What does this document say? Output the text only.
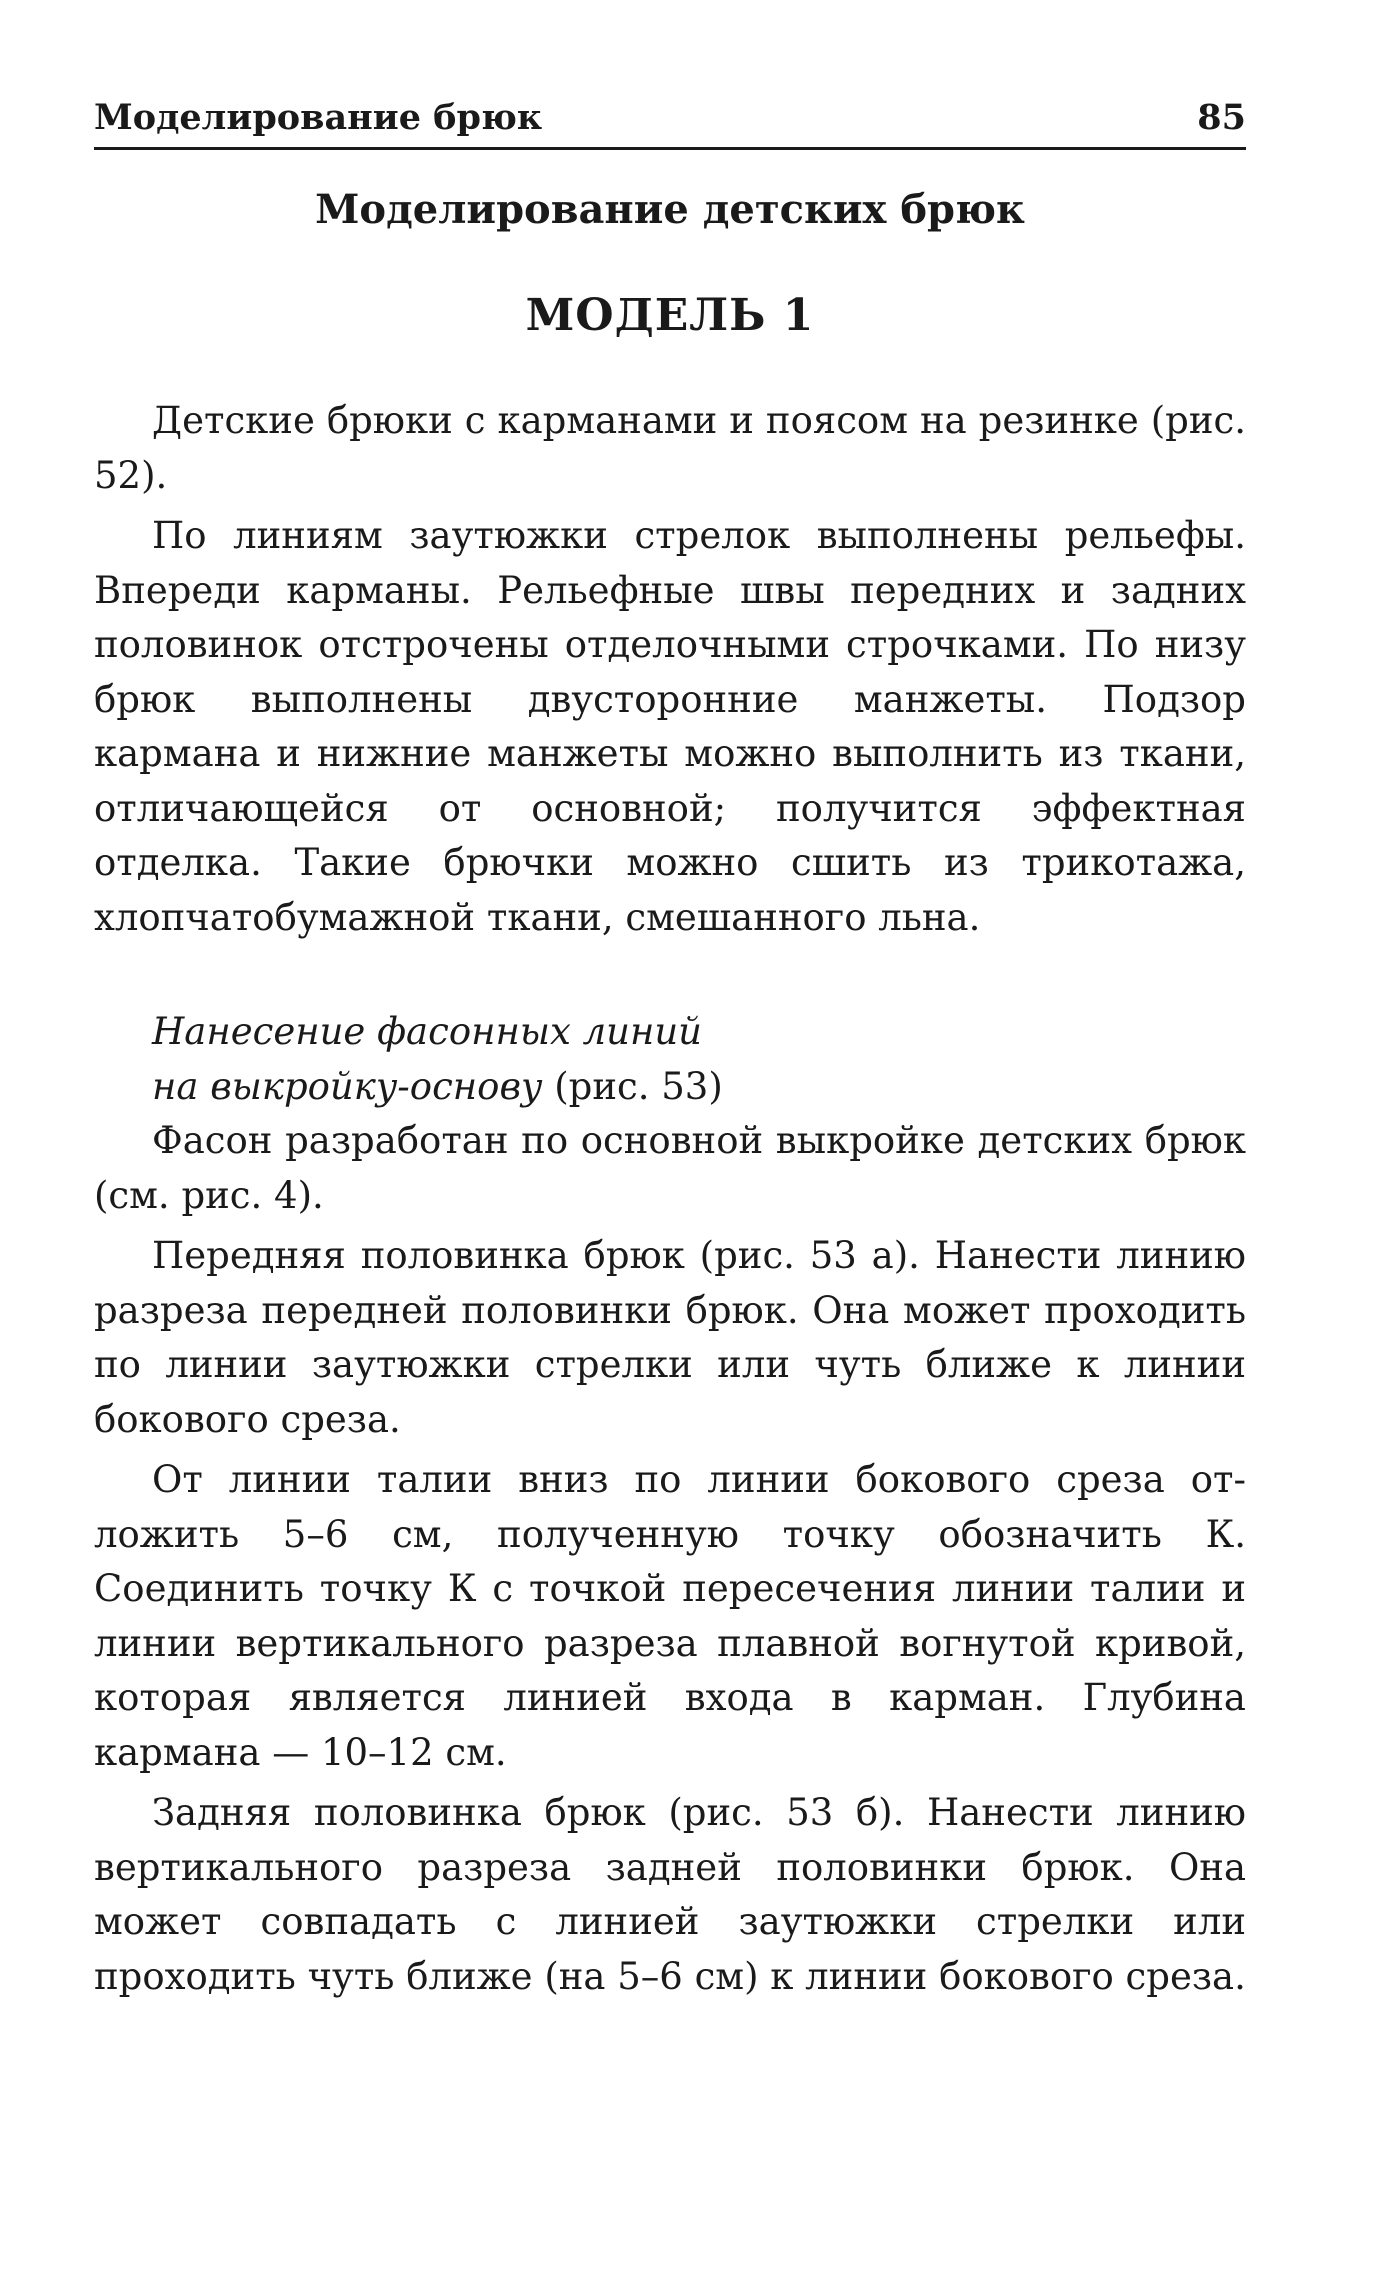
Моделирование брюк	85
Моделирование детских брюк
МОДЕЛЬ 1

Детские брюки с карманами и поясом на резинке (рис. 52).

По линиям заутюжки стрелок выполнены рельефы. Впереди карманы. Рельефные швы передних и задних половинок отстрочены отделочными строчками. По низу брюк выполнены двусторонние манжеты. Подзор кармана и нижние манжеты можно выполнить из ткани, отличающейся от основной; получится эффектная отделка. Такие брючки можно сшить из трикотажа, хлопчатобумажной ткани, смешанного льна.

Нанесение фасонных линий
на выкройку-основу (рис. 53)

Фасон разработан по основной выкройке детских брюк (см. рис. 4).

Передняя половинка брюк (рис. 53 а). Нанести линию разреза передней половинки брюк. Она может проходить по линии заутюжки стрелки или чуть ближе к линии бокового среза.

От линии талии вниз по линии бокового среза отложить 5–6 см, полученную точку обозначить К. Соединить точку К с точкой пересечения линии талии и линии вертикального разреза плавной вогнутой кривой, которая является линией входа в карман. Глубина кармана — 10–12 см.

Задняя половинка брюк (рис. 53 б). Нанести линию вертикального разреза задней половинки брюк. Она может совпадать с линией заутюжки стрелки или проходить чуть ближе (на 5–6 см) к линии бокового среза.
